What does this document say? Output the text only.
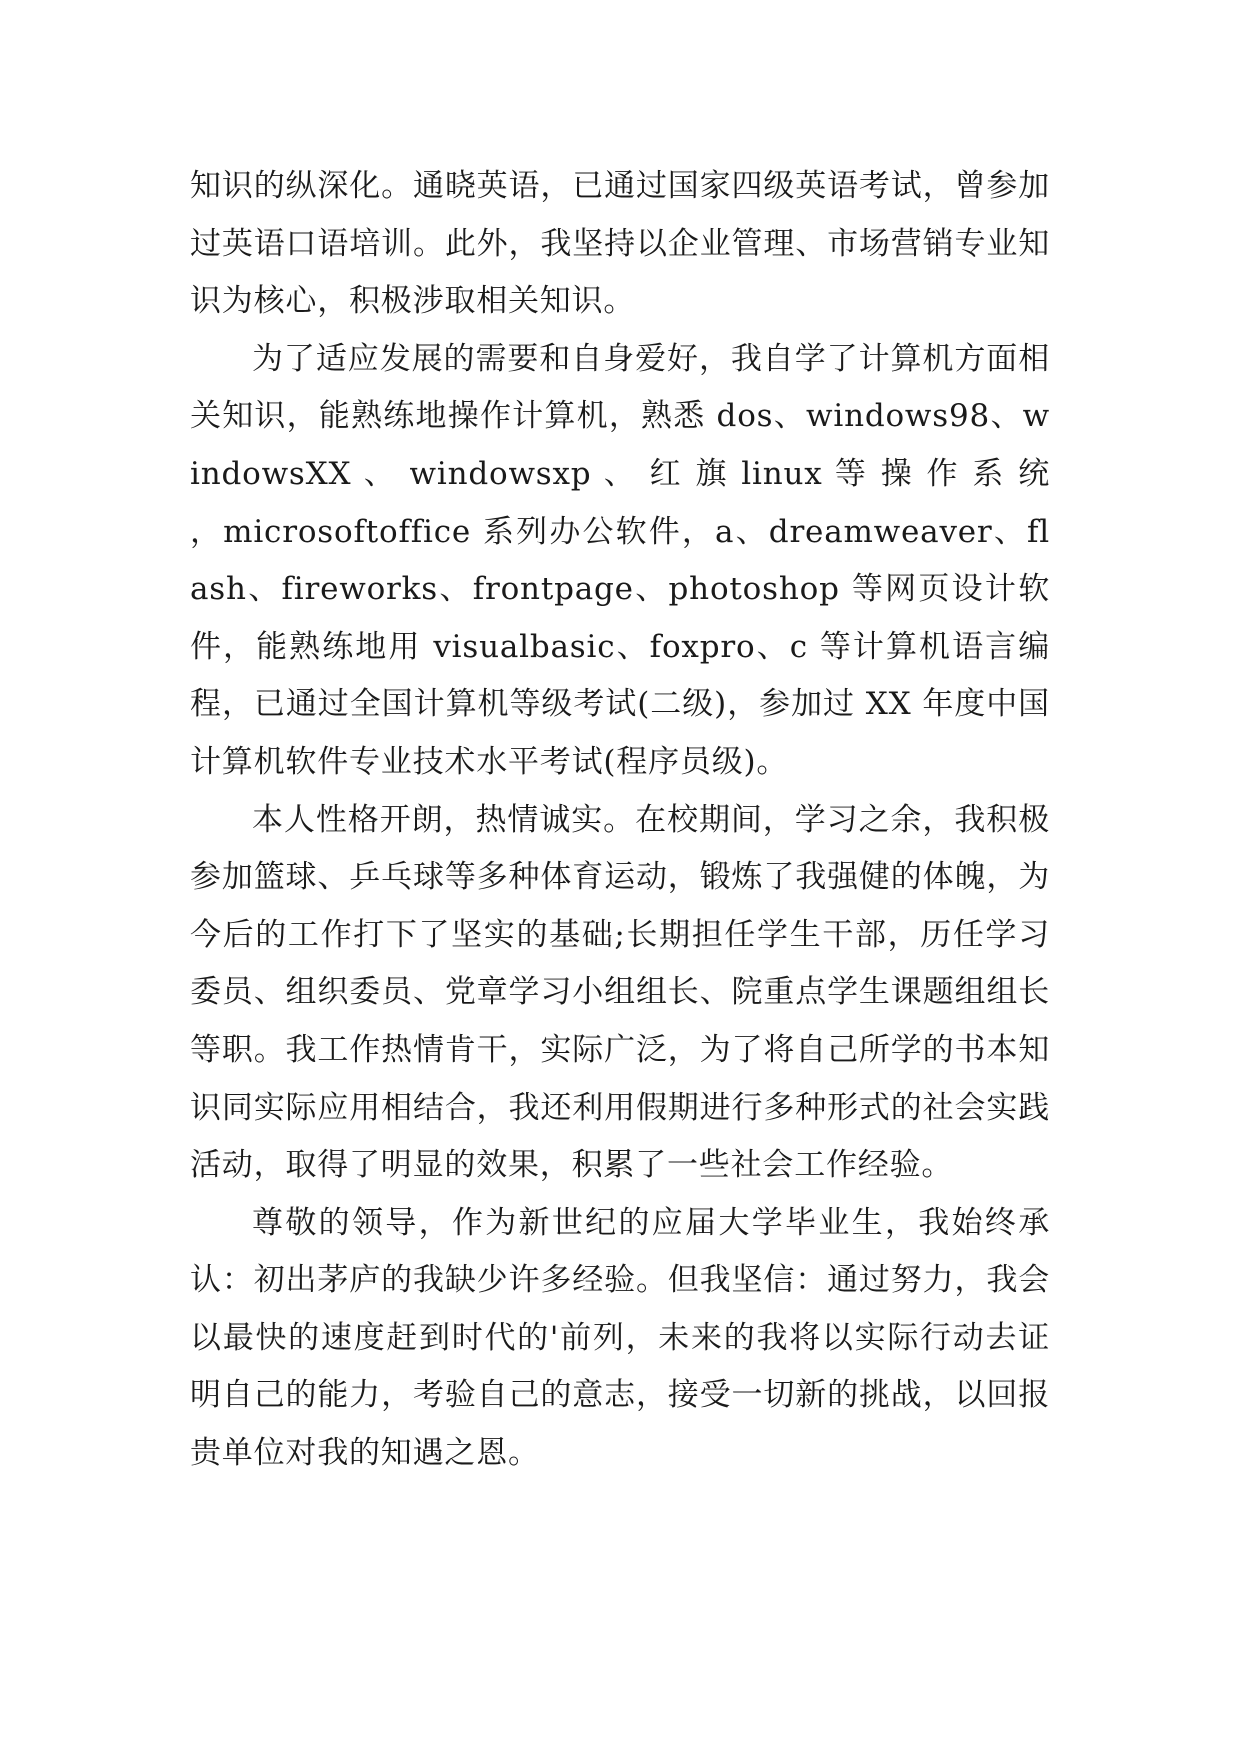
知识的纵深化。通晓英语，已通过国家四级英语考试，曾参加过英语口语培训。此外，我坚持以企业管理、市场营销专业知识为核心，积极涉取相关知识。

为了适应发展的需要和自身爱好，我自学了计算机方面相关知识，能熟练地操作计算机，熟悉 dos、windows98、windowsXX 、 windowsxp 、 红 旗 linux 等 操 作 系 统 ，microsoftoffice 系列办公软件，a、dreamweaver、flash、fireworks、frontpage、photoshop 等网页设计软件，能熟练地用 visualbasic、foxpro、c 等计算机语言编程，已通过全国计算机等级考试(二级)，参加过 XX 年度中国计算机软件专业技术水平考试(程序员级)。

本人性格开朗，热情诚实。在校期间，学习之余，我积极参加篮球、乒乓球等多种体育运动，锻炼了我强健的体魄，为今后的工作打下了坚实的基础;长期担任学生干部，历任学习委员、组织委员、党章学习小组组长、院重点学生课题组组长等职。我工作热情肯干，实际广泛，为了将自己所学的书本知识同实际应用相结合，我还利用假期进行多种形式的社会实践活动，取得了明显的效果，积累了一些社会工作经验。

尊敬的领导，作为新世纪的应届大学毕业生，我始终承认：初出茅庐的我缺少许多经验。但我坚信：通过努力，我会以最快的速度赶到时代的'前列，未来的我将以实际行动去证明自己的能力，考验自己的意志，接受一切新的挑战，以回报贵单位对我的知遇之恩。
